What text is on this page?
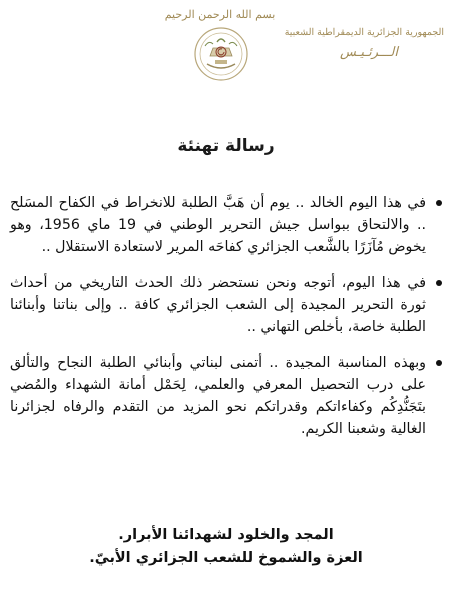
بسم الله الرحمن الرحيم
الجمهورية الجزائرية الديمقراطية الشعبية
الـــرئـيـس
رسالة تهنئة

في هذا اليوم الخالد .. يوم أن هَبَّ الطلبة للانخراط في الكفاح المسَلح .. والالتحاق ببواسل جيش التحرير الوطني في 19 ماي 1956، وهو يخوض مُآزَرًا بالشَّعب الجزائري كفاحَه المرير لاستعادة الاستقلال ..

في هذا اليوم، أتوجه ونحن نستحضر ذلك الحدث التاريخي من أحداث ثورة التحرير المجيدة إلى الشعب الجزائري كافة .. وإلى بناتنا وأبنائنا الطلبة خاصة، بأخلص التهاني ..

وبهذه المناسبة المجيدة .. أتمنى لبناتي وأبنائي الطلبة النجاح والتألق على درب التحصيل المعرفي والعلمي، لِحَمْل أمانة الشهداء والمُضي بتَجَنُّدِكُم وكفاءاتكم وقدراتكم نحو المزيد من التقدم والرفاه لجزائرنا الغالية وشعبنا الكريم.

المجد والخلود لشهدائنا الأبرار.
العزة والشموخ للشعب الجزائري الأبيّ.
